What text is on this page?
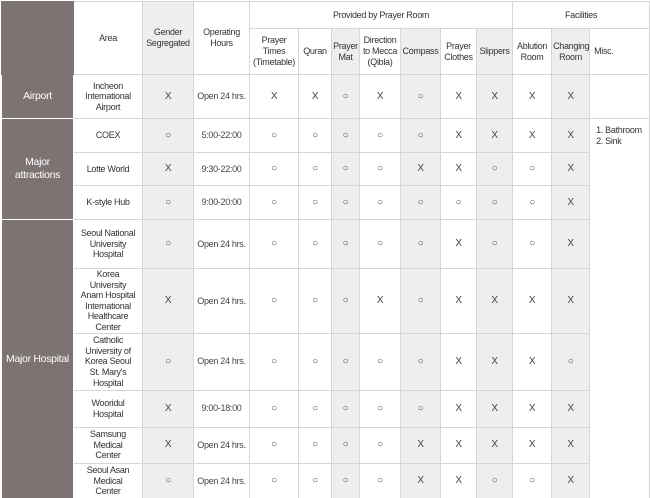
	Area	Gender Segregated	Operating Hours	Provided by Prayer Room							Facilities		
				Prayer Times (Timetable)	Quran	Prayer Mat	Direction to Mecca (Qibla)	Compass	Prayer Clothes	Slippers	Ablution Room	Changing Room	Misc.
Airport	Incheon International Airport	X	Open 24 hrs.	X	X	○	X	○	X	X	X	X	
Major attractions	COEX	○	5:00-22:00	○	○	○	○	○	X	X	X	X	1. Bathroom
2. Sink

	Lotte World	X	9:30-22:00	○	○	○	○	X	X	○	○	X	
	K-style Hub	○	9:00-20:00	○	○	○	○	○	○	○	○	X	
Major Hospital	Seoul National University Hospital	○	Open 24 hrs.	○	○	○	○	○	X	○	○	X	
	Korea University Anam Hospital International Healthcare Center	X	Open 24 hrs.	○	○	○	X	○	X	X	X	X	
	Catholic University of Korea Seoul St. Mary's Hospital	○	Open 24 hrs.	○	○	○	○	○	X	X	X	○	
	Wooridul Hospital	X	9:00-18:00	○	○	○	○	○	X	X	X	X	
	Samsung Medical Center	X	Open 24 hrs.	○	○	○	○	X	X	X	X	X	
	Seoul Asan Medical Center	○	Open 24 hrs.	○	○	○	○	X	X	○	○	X	
